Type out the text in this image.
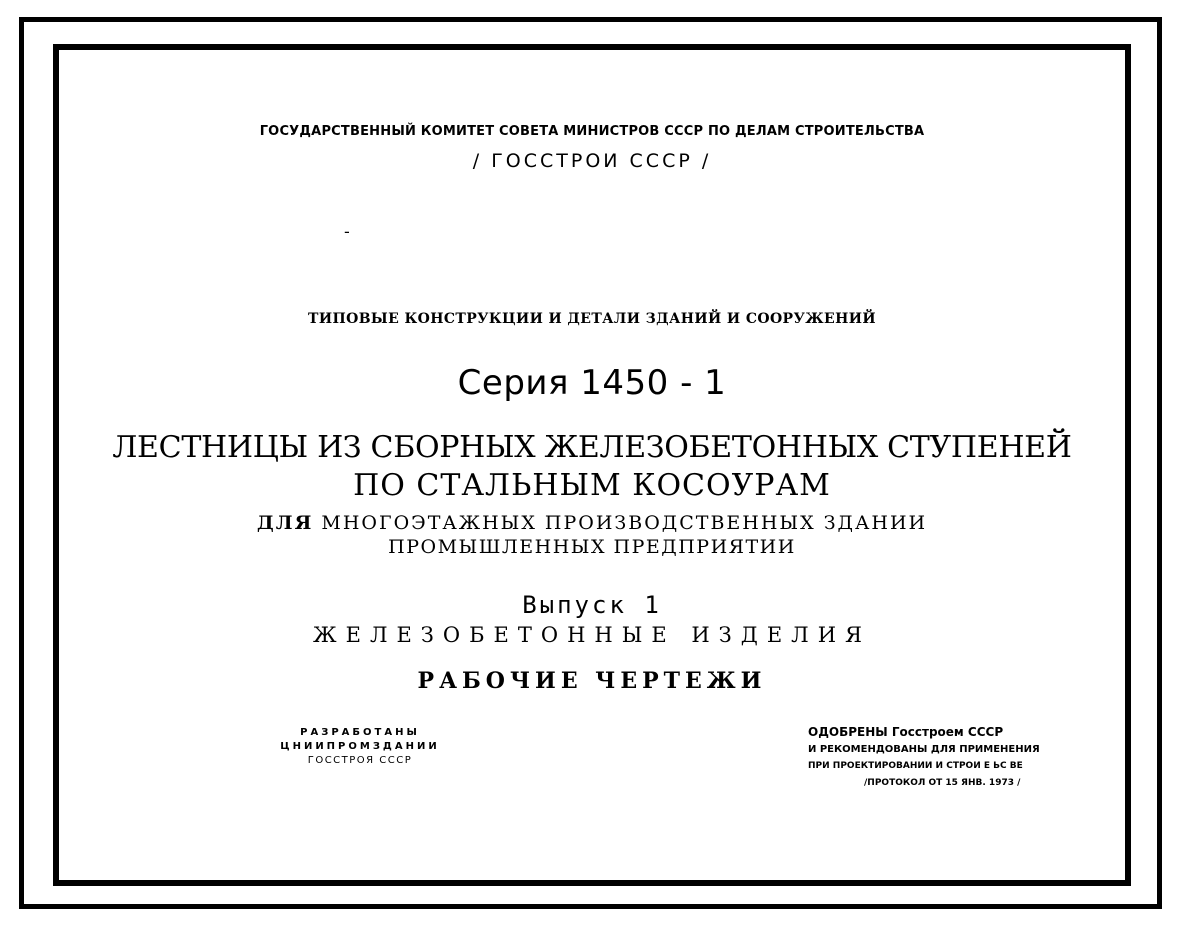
ГОСУДАРСТВЕННЫЙ КОМИТЕТ СОВЕТА МИНИСТРОВ СССР ПО ДЕЛАМ СТРОИТЕЛЬСТВА
/ ГОССТРОИ СССР /
-
ТИПОВЫЕ КОНСТРУКЦИИ И ДЕТАЛИ ЗДАНИЙ И СООРУЖЕНИЙ
Серия 1450 - 1
ЛЕСТНИЦЫ ИЗ СБОРНЫХ ЖЕЛЕЗОБЕТОННЫХ СТУПЕНЕЙ
ПО СТАЛЬНЫМ КОСОУРАМ
ДЛЯ МНОГОЭТАЖНЫХ ПРОИЗВОДСТВЕННЫХ ЗДАНИИ
ПРОМЫШЛЕННЫХ ПРЕДПРИЯТИИ
Выпуск 1
ЖЕЛЕЗОБЕТОННЫЕ ИЗДЕЛИЯ
РАБОЧИЕ ЧЕРТЕЖИ
РАЗРАБОТАНЫ
ЦНИИПРОМЗДАНИИ
ГОССТРОЯ СССР
ОДОБРЕНЫ Госстроем СССР
И РЕКОМЕНДОВАНЫ ДЛЯ ПРИМЕНЕНИЯ
ПРИ ПРОЕКТИРОВАНИИ И СТРОИ Е ЬС ВЕ
/ПРОТОКОЛ ОТ 15 ЯНВ. 1973 /
